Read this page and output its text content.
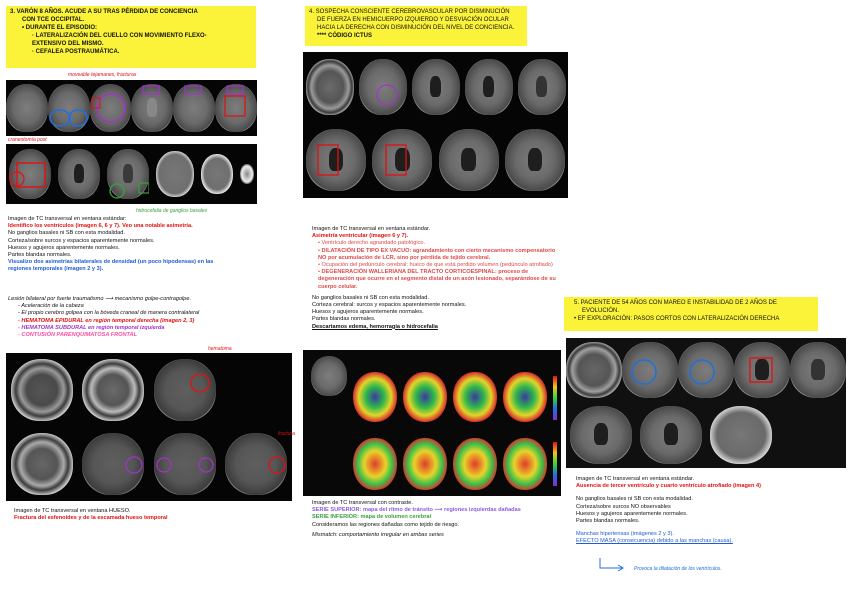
3. VARÓN 8 AÑOS. ACUDE A SU TRAS PÉRDIDA DE CONCIENCIA
CON TCE OCCIPITAL.
• DURANTE EL EPISODIO:
· LATERALIZACIÓN DEL CUELLO CON MOVIMIENTO FLEXO-
EXTENSIVO DEL MISMO.
· CEFALEA POSTRAUMÁTICA.
moveable tejamanes, fracturas
craneotomía post
hidrocefalia de ganglios basales
Imagen de TC transversal en ventana estándar:
Identifico los ventrículos (imagen 6, 6 y 7). Veo una notable asimetría.
No ganglios basales ni SB con esta modalidad.
Corteza/sobre surcos y espacios aparentemente normales.
Huesos y agujeros aparentemente normales.
Partes blandas normales.
Visualizo dos asimetrías bilaterales de densidad (un poco hipodensas) en las
regiones temporales (imagen 2 y 3).
Lesión bilateral por fuerte traumatismo ⟶ mecanismo golpe-contragolpe.
- Aceleración de la cabeza
- El propio cerebro golpea con la bóveda craneal de manera contralateral
- HEMATOMA EPIDURAL en región temporal derecha (imagen 2, 3)
- HEMATOMA SUBDURAL en región temporal izquierda
- CONTUSIÓN PARENQUIMATOSA FRONTAL
hematoma
fractura
Imagen de TC transversal en ventana HUESO.
Fractura del esfenoides y de la escamada hueso temporal
4. SOSPECHA CONSCIENTE CEREBROVASCULAR POR DISMINUCIÓN
DE FUERZA EN HEMICUERPO IZQUIERDO Y DESVIACIÓN OCULAR
HACIA LA DERECHA CON DISMINUCIÓN DEL NIVEL DE CONCIENCIA.
**** CÓDIGO ICTUS
Imagen de TC transversal en ventana estándar.
Asimetría ventricular (imagen 6 y 7).
• Ventrículo derecho agrandado patológico.
• DILATACIÓN DE TIPO EX VACUO: agrandamiento con cierto mecanismo compensatorio NO por acumulación de LCR, sino por pérdida de tejido cerebral.
• Ocupación del pedúnculo cerebral: hueco de que está perdido volumen (pedúnculo atrofiado)
• DEGENERACIÓN WALLERIANA DEL TRACTO CORTICOESPINAL: proceso de degeneración que ocurre en el segmento distal de un axón lesionado, separándose de su cuerpo celular.
No ganglios basales ni SB con esta modalidad.
Corteza cerebral: surcos y espacios aparentemente normales.
Huesos y agujeros aparentemente normales.
Partes blandas normales.
Descartamos edema, hemorragia o hidrocefalia
Imagen de TC transversal con contraste.
SERIE SUPERIOR: mapa del ritmo de tránsito ⟶ regiones izquierdas dañadas
SERIE INFERIOR: mapa de volumen cerebral
Consideramos las regiones dañadas como tejido de riesgo.
Mismatch: comportamiento irregular en ambas series
5. PACIENTE DE 54 AÑOS CON MAREO E INSTABILIDAD DE 2 AÑOS DE
EVOLUCIÓN.
• EF EXPLORACIÓN: PASOS CORTOS CON LATERALIZACIÓN DERECHA
Imagen de TC transversal en ventana estándar.
Ausencia de tercer ventrículo y cuarto ventrículo atrofiado (imagen 4)
No ganglios basales ni SB con esta modalidad.
Corteza/sobre surcos NO observables
Huesos y agujeros aparentemente normales.
Partes blandas normales.
Manchas hipertensas (imágenes 2 y 3).
EFECTO MASA (consecuencia) debido a las manchas (causa).
Provoca la dilatación de los ventrículos.
